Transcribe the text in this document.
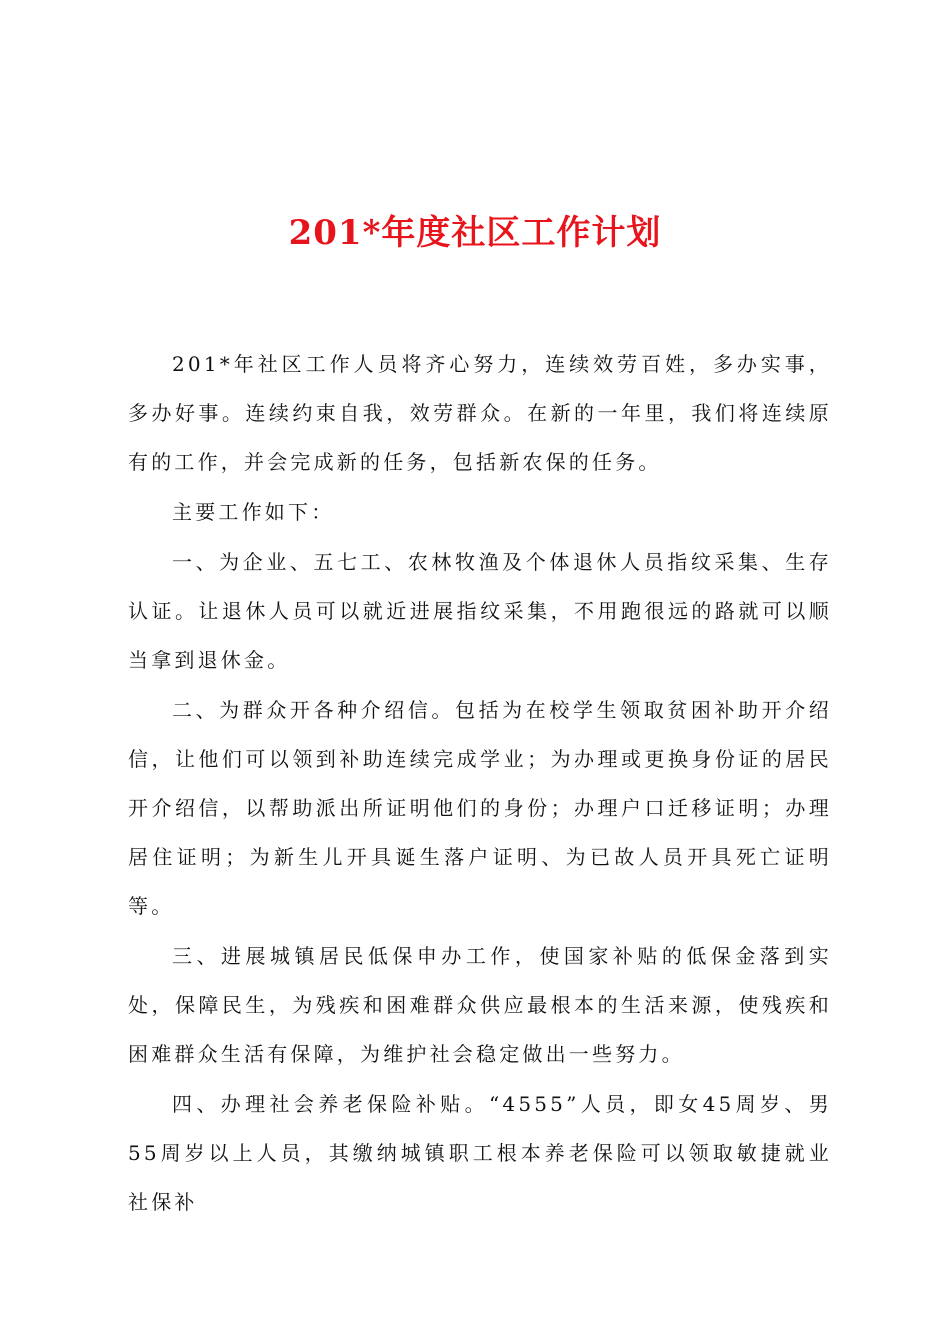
201*年度社区工作计划

201*年社区工作人员将齐心努力，连续效劳百姓，多办实事，多办好事。连续约束自我，效劳群众。在新的一年里，我们将连续原有的工作，并会完成新的任务，包括新农保的任务。

主要工作如下：

一、为企业、五七工、农林牧渔及个体退休人员指纹采集、生存认证。让退休人员可以就近进展指纹采集，不用跑很远的路就可以顺当拿到退休金。

二、为群众开各种介绍信。包括为在校学生领取贫困补助开介绍信，让他们可以领到补助连续完成学业；为办理或更换身份证的居民开介绍信，以帮助派出所证明他们的身份；办理户口迁移证明；办理居住证明；为新生儿开具诞生落户证明、为已故人员开具死亡证明等。

三、进展城镇居民低保申办工作，使国家补贴的低保金落到实处，保障民生，为残疾和困难群众供应最根本的生活来源，使残疾和困难群众生活有保障，为维护社会稳定做出一些努力。

四、办理社会养老保险补贴。“4555”人员，即女45周岁、男55周岁以上人员，其缴纳城镇职工根本养老保险可以领取敏捷就业社保补
